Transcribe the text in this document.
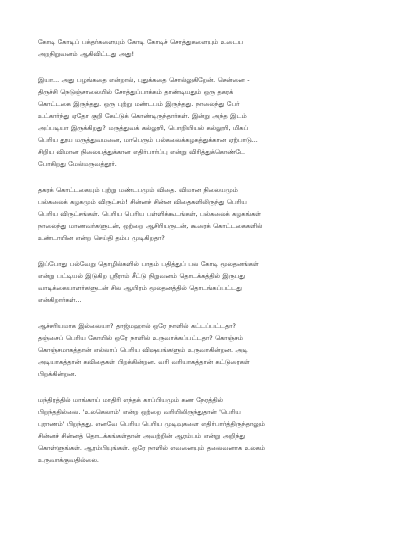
கோடி கோடிப் பக்தர்களையும் கோடி கோடிச் சொத்துகளையும் உடைய
அறநிறுவனம் ஆகிவிட்டது அது!

இயா... அது பழங்கதை என்றால், புதுக்கதை சொல்லுகிறேன். சென்னை -
திருச்சி நெடுஞ்சாலையில் சோத்துப்பாக்கம் தாண்டியதும் ஒரு தகரக்
கொட்டகை இருந்தது. ஒரு புற்று மண்டபம் இருந்தது. நாலைந்து பேர்
உட்கார்ந்து ஏதோ குறி கேட்டுக் கொண்டிருந்தார்கள். இன்று அந்த இடம்
அப்படியா இருக்கிறது? மருத்துவக் கல்லூரி, பொறியியல் கல்லூரி, மிகப்
பெரிய தூய மருத்துவமனை, மாபெரும் பல்கலைக்கழகத்துக்கான ஏற்பாடு...
சிறிய விமான நிலையத்துக்கான எதிர்பார்ப்பு என்று விரித்துக்கொண்டே
போகிறது மேல்மருவத்தூர்.

தகரக் கொட்டகையும் புற்று மண்டபமும் விதை. விமான நிலையமும்
பல்கலைக் கழகமும் விருட்சம்! சின்னச் சின்ன விதைகளிலிருந்து பெரிய
பெரிய விருட்சங்கள். பெரிய பெரிய பள்ளிக்கூடங்கள், பல்கலைக் கழகங்கள்
நாலைந்து மாணவர்களுடன், ஒற்றை ஆசிரியருடன், கூரைக் கொட்டகைகளில்
உண்டாயின என்ற செய்தி தம்ப முடிகிறதா?

இப்போது பல்வேறு தொழில்களில் பாதம் பதித்துப் பல கோடி மூலதனங்கள்
என்று பட்டியல் இடுகிற ஸ்ரீராம் சீட்டு நிறுவனம் தொடக்கத்தில் இருபது
வாடிக்கையாளர்களுடன் சில ஆயிரம் மூலதனத்தில் தொடங்கப்பட்டது
என்கிறார்கள்...

ஆச்சரியமாக இல்லையா? தாஜ்மஹால் ஒரே நாளில் கட்டப்பட்டதா?
தஞ்சைப் பெரிய கோயில் ஒரே நாளில் உருவாக்கப்பட்டதா? கொஞ்சம்
கொஞ்சமாகத்தான் எல்லாப் பெரிய விஷயங்களும் உருவாகின்றன. அடி
அடியாகத்தான் கவிதைகள் பிறக்கின்றன. வரி வரியாகத்தான் கட்டுரைகள்
பிறக்கின்றன.

மந்திரத்தில் மாங்காய் மாதிரி எந்தக் காப்பியமும் கண நேரத்தில்
பிறந்ததில்லை. 'உலகெலாம்' என்ற ஒற்றை வரியிலிருந்துதான் 'பெரிய
புராணம்' பிறந்தது. எனவே பெரிய பெரிய முடிவுகளை எதிர்பார்த்திருந்தாலும்
சின்னச் சின்னத் தொடக்கங்கள்தான் அவற்றின் ஆரம்பம் என்று அறிந்து
கொள்ளுங்கள். ஆரம்பியுங்கள். ஒரே நாளில் எவனையும் தலைவனாக உலகம்
உருவாக்குவதில்லை.
